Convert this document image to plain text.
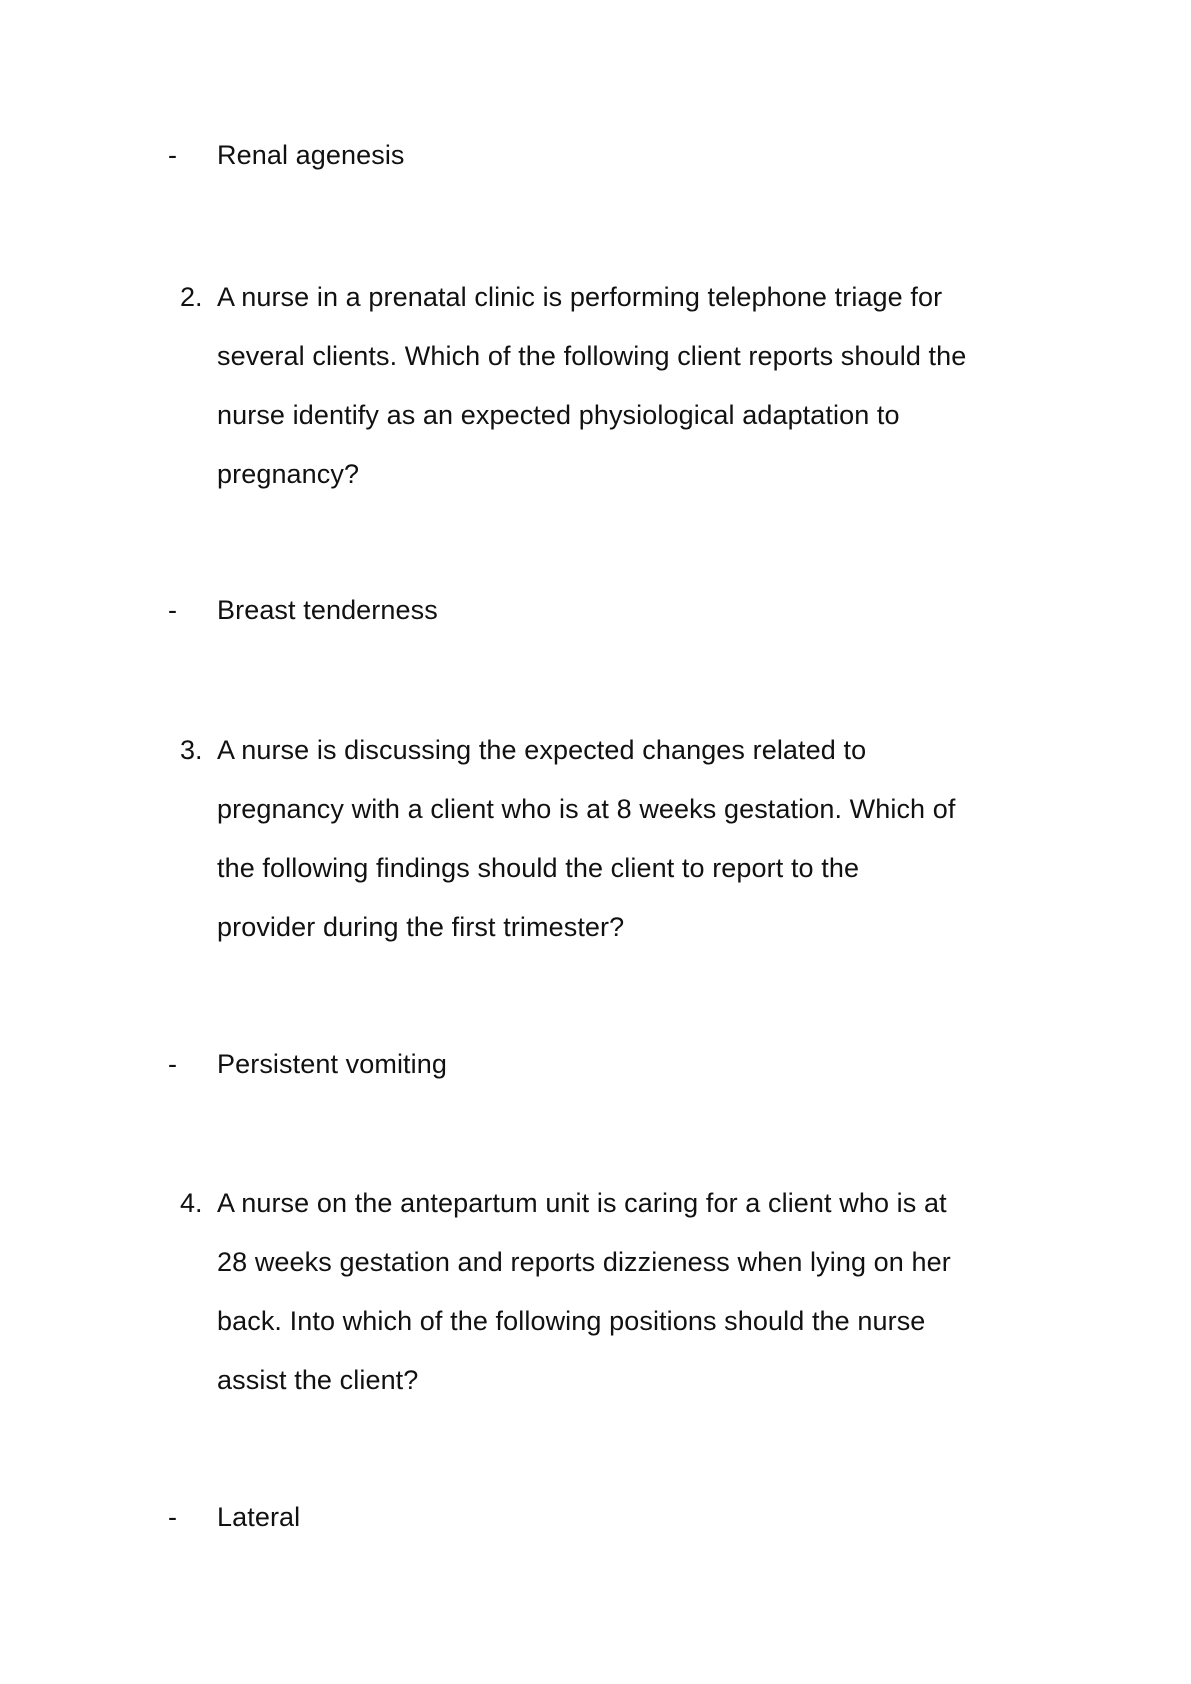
- Renal agenesis
2. A nurse in a prenatal clinic is performing telephone triage for
several clients. Which of the following client reports should the
nurse identify as an expected physiological adaptation to
pregnancy?
- Breast tenderness
3. A nurse is discussing the expected changes related to
pregnancy with a client who is at 8 weeks gestation. Which of
the following findings should the client to report to the
provider during the first trimester?
- Persistent vomiting
4. A nurse on the antepartum unit is caring for a client who is at
28 weeks gestation and reports dizzieness when lying on her
back. Into which of the following positions should the nurse
assist the client?
- Lateral
